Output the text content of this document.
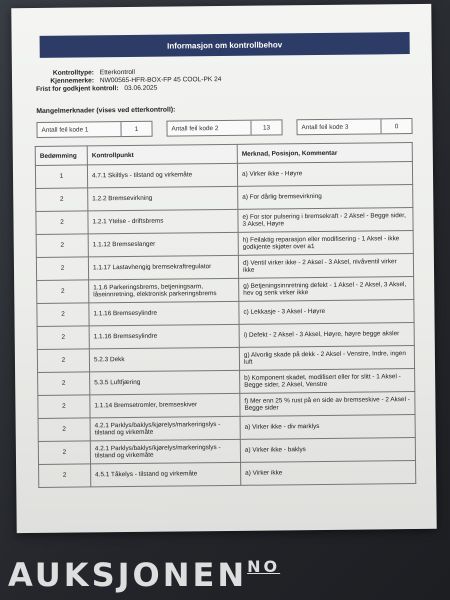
Informasjon om kontrollbehov
Kontrolltype: Etterkontroll
Kjennemerke: NW00565-HFR-BOX-FP 45 COOL-PK 24
Frist for godkjent kontroll: 03.06.2025
Mangelmerknader (vises ved etterkontroll):
Antall feil kode 1	1	Antall feil kode 2	13	Antall feil kode 3	0
Bedømming	Kontrollpunkt	Merknad, Posisjon, Kommentar
1	4.7.1 Skiltlys - tilstand og virkemåte	a) Virker ikke - Høyre
2	1.2.2 Bremsevirkning	a) For dårlig bremsevirkning
2	1.2.1 Ytelse - driftsbrems	e) For stor pulsering i bremsekraft - 2 Aksel - Begge sider, 3 Aksel, Høyre
2	1.1.12 Bremseslanger	h) Feilaktig reparasjon eller modifisering - 1 Aksel - ikke godkjente skjøter over a1
2	1.1.17 Lastavhengig bremsekraftregulator	d) Ventil virker ikke - 2 Aksel - 3 Aksel, nivåventil virker ikke
2	1.1.6 Parkeringsbrems, betjeningsarm, låseinnretning, elektronisk parkeringsbrems	g) Betjeningsinnretning defekt - 1 Aksel - 2 Aksel, 3 Aksel, hev og senk virker ikke
2	1.1.16 Bremsesylindre	c) Lekkasje - 3 Aksel - Høyre
2	1.1.16 Bremsesylindre	i) Defekt - 2 Aksel - 3 Aksel, Høyre, høyre begge aksler
2	5.2.3 Dekk	g) Alvorlig skade på dekk - 2 Aksel - Venstre, Indre, ingen luft
2	5.3.5 Luftfjæring	b) Komponent skadet, modifisert eller for slitt - 1 Aksel - Begge sider, 2 Aksel, Venstre
2	1.1.14 Bremsetromler, bremseskiver	f) Mer enn 25 % rust på en side av bremseskive - 2 Aksel - Begge sider
2	4.2.1 Parklys/baklys/kjørelys/markeringslys - tilstand og virkemåte	a) Virker ikke - div marklys
2	4.2.1 Parklys/baklys/kjørelys/markeringslys - tilstand og virkemåte	a) Virker ikke - baklys
2	4.5.1 Tåkelys - tilstand og virkemåte	a) Virker ikke
$AUKSJONEN^{NO}$
